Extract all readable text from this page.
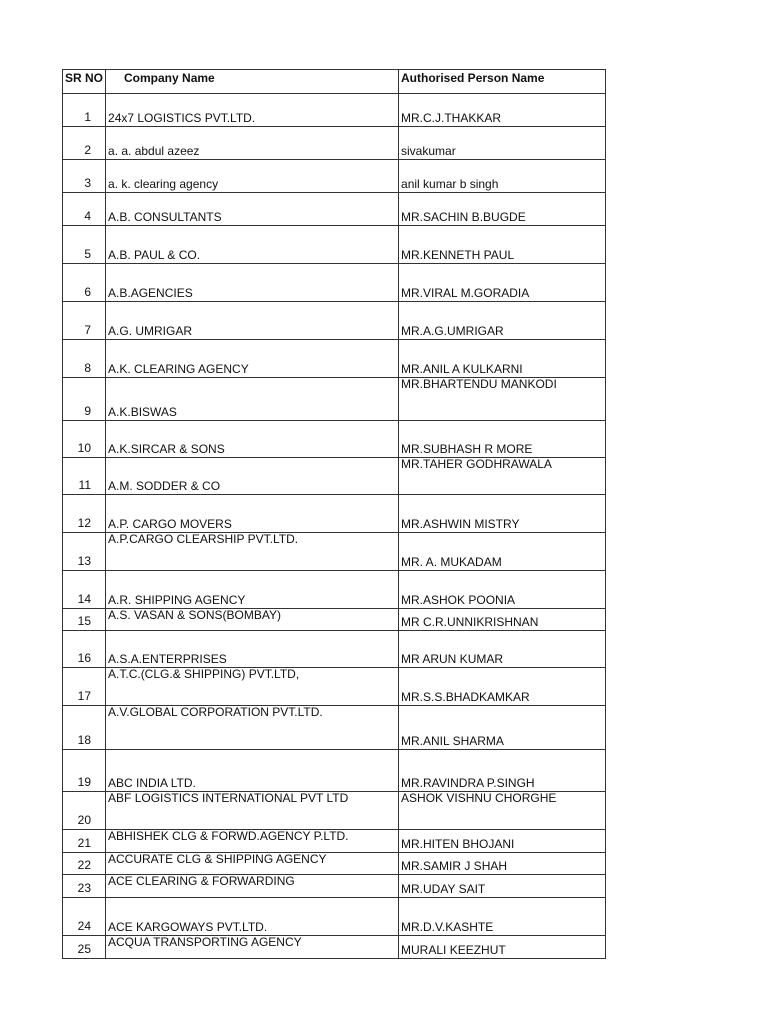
SR NO	Company Name	Authorised Person Name
1	24x7 LOGISTICS PVT.LTD.	MR.C.J.THAKKAR

2	a. a. abdul azeez	sivakumar

3	a. k. clearing agency	anil kumar b singh

4	A.B. CONSULTANTS	MR.SACHIN B.BUGDE

5	A.B. PAUL & CO.	MR.KENNETH PAUL

6	A.B.AGENCIES	MR.VIRAL M.GORADIA

7	A.G. UMRIGAR	MR.A.G.UMRIGAR

8	A.K. CLEARING AGENCY	MR.ANIL A KULKARNI

9	A.K.BISWAS	MR.BHARTENDU MANKODI

10	A.K.SIRCAR & SONS	MR.SUBHASH R MORE

11	A.M. SODDER & CO	MR.TAHER GODHRAWALA

12	A.P. CARGO MOVERS	MR.ASHWIN MISTRY

13	A.P.CARGO CLEARSHIP PVT.LTD.	MR. A. MUKADAM

14	A.R. SHIPPING AGENCY	MR.ASHOK POONIA

15	A.S. VASAN & SONS(BOMBAY)	MR C.R.UNNIKRISHNAN

16	A.S.A.ENTERPRISES	MR ARUN KUMAR

17	A.T.C.(CLG.& SHIPPING) PVT.LTD,	MR.S.S.BHADKAMKAR

18	A.V.GLOBAL CORPORATION PVT.LTD.	MR.ANIL SHARMA

19	ABC INDIA LTD.	MR.RAVINDRA P.SINGH

20	ABF LOGISTICS INTERNATIONAL PVT LTD	ASHOK VISHNU CHORGHE

21	ABHISHEK CLG & FORWD.AGENCY P.LTD.	MR.HITEN BHOJANI

22	ACCURATE CLG & SHIPPING AGENCY	MR.SAMIR J SHAH

23	ACE CLEARING & FORWARDING	MR.UDAY SAIT

24	ACE KARGOWAYS PVT.LTD.	MR.D.V.KASHTE

25	ACQUA TRANSPORTING AGENCY	MURALI KEEZHUT
